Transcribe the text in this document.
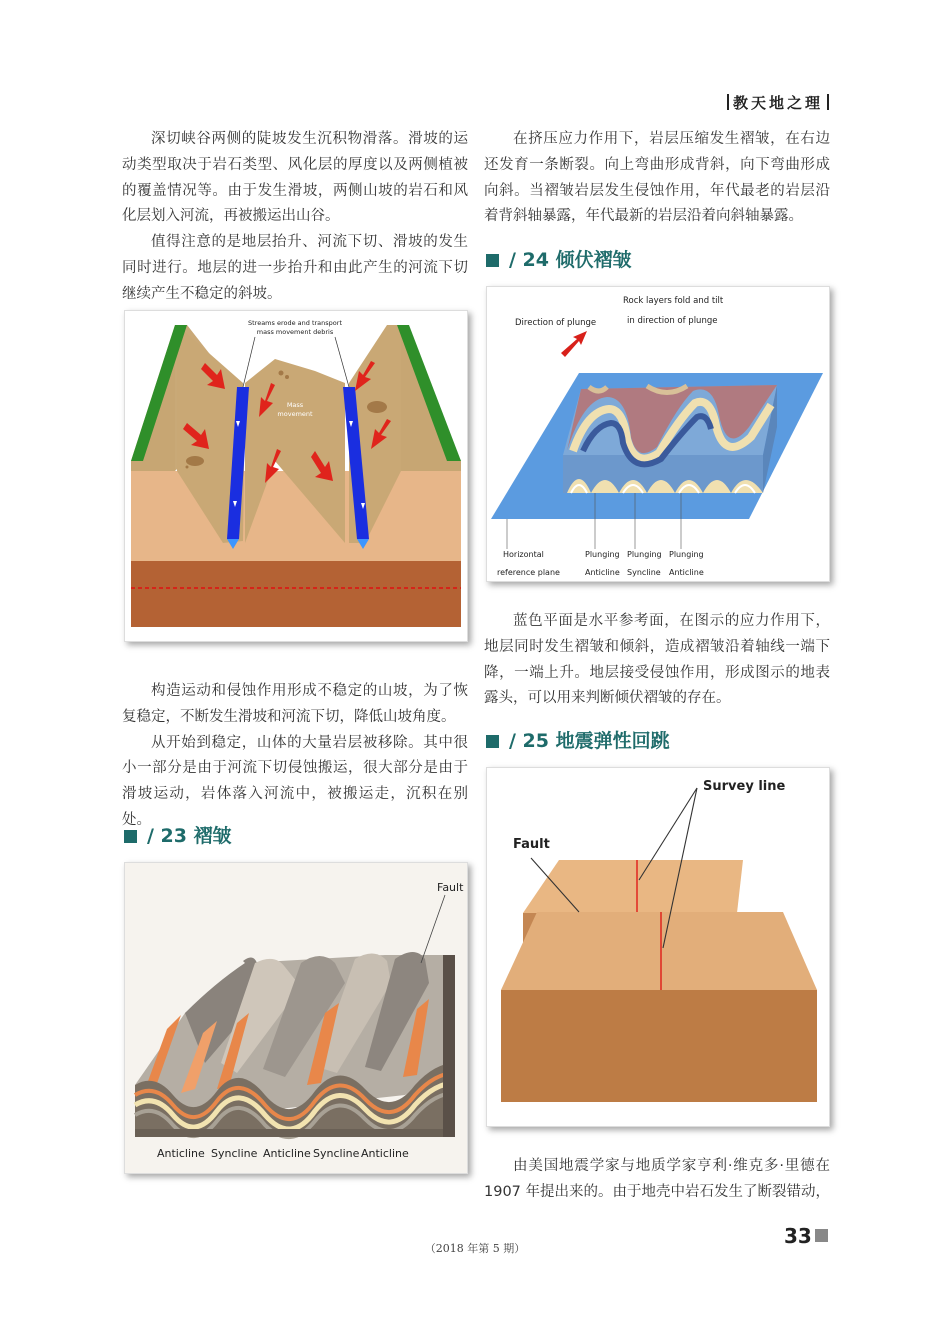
教天地之理

深切峡谷两侧的陡坡发生沉积物滑落。滑坡的运动类型取决于岩石类型、风化层的厚度以及两侧植被的覆盖情况等。由于发生滑坡，两侧山坡的岩石和风化层划入河流，再被搬运出山谷。

值得注意的是地层抬升、河流下切、滑坡的发生同时进行。地层的进一步抬升和由此产生的河流下切继续产生不稳定的斜坡。

Streams erode and transport
mass movement debris
Mass
movement

构造运动和侵蚀作用形成不稳定的山坡，为了恢复稳定，不断发生滑坡和河流下切，降低山坡角度。

从开始到稳定，山体的大量岩层被移除。其中很小一部分是由于河流下切侵蚀搬运，很大部分是由于滑坡运动，岩体落入河流中，被搬运走，沉积在别处。

/ 23 褶皱
Fault
Anticline Syncline Anticline Syncline Anticline

在挤压应力作用下，岩层压缩发生褶皱，在右边还发育一条断裂。向上弯曲形成背斜，向下弯曲形成向斜。当褶皱岩层发生侵蚀作用，年代最老的岩层沿着背斜轴暴露，年代最新的岩层沿着向斜轴暴露。

/ 24 倾伏褶皱
Direction of plunge
Rock layers fold and tilt
in direction of plunge
Horizontal
reference plane
Plunging
Anticline
Plunging
Syncline
Plunging
Anticline

蓝色平面是水平参考面，在图示的应力作用下，地层同时发生褶皱和倾斜，造成褶皱沿着轴线一端下降，一端上升。地层接受侵蚀作用，形成图示的地表露头，可以用来判断倾伏褶皱的存在。

/ 25 地震弹性回跳
Survey line
Fault

由美国地震学家与地质学家亨利·维克多·里德在1907 年提出来的。由于地壳中岩石发生了断裂错动，

（2018 年第 5 期）
33
